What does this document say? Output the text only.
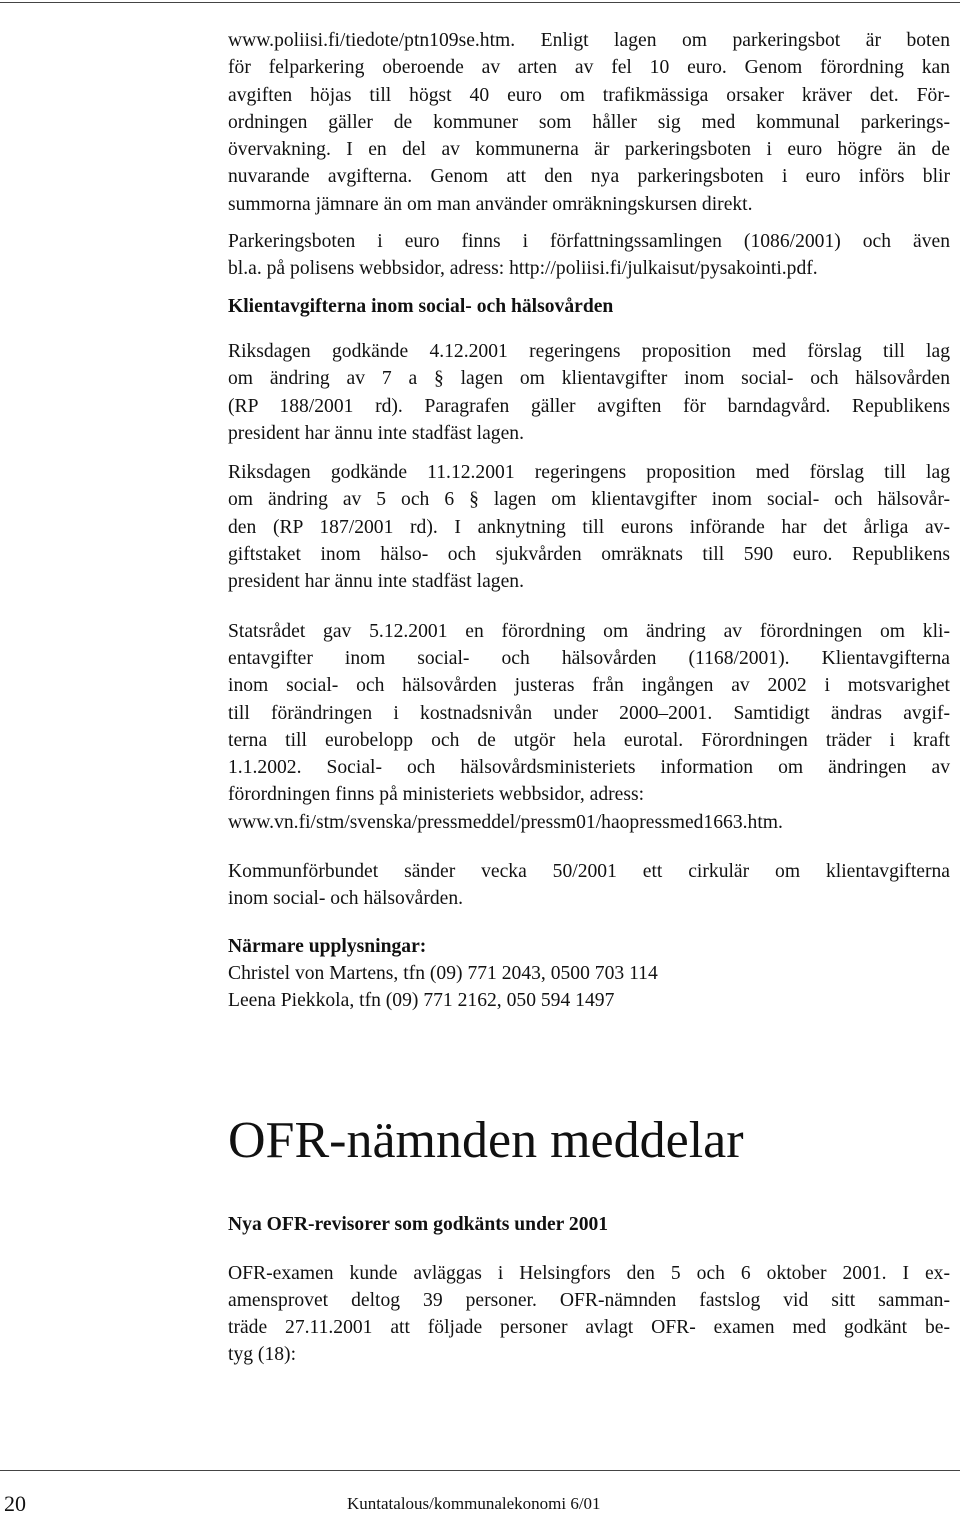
www.poliisi.fi/tiedote/ptn109se.htm. Enligt lagen om parkeringsbot är boten
för felparkering oberoende av arten av fel 10 euro. Genom förordning kan
avgiften höjas till högst 40 euro om trafikmässiga orsaker kräver det. För-
ordningen gäller de kommuner som håller sig med kommunal parkerings-
övervakning. I en del av kommunerna är parkeringsboten i euro högre än de
nuvarande avgifterna. Genom att den nya parkeringsboten i euro införs blir
summorna jämnare än om man använder omräkningskursen direkt.

Parkeringsboten i euro finns i författningssamlingen (1086/2001) och även
bl.a. på polisens webbsidor, adress: http://poliisi.fi/julkaisut/pysakointi.pdf.

Klientavgifterna inom social- och hälsovården

Riksdagen godkände 4.12.2001 regeringens proposition med förslag till lag
om ändring av 7 a § lagen om klientavgifter inom social- och hälsovården
(RP 188/2001 rd). Paragrafen gäller avgiften för barndagvård. Republikens
president har ännu inte stadfäst lagen.

Riksdagen godkände 11.12.2001 regeringens proposition med förslag till lag
om ändring av 5 och 6 § lagen om klientavgifter inom social- och hälsovår-
den (RP 187/2001 rd). I anknytning till eurons införande har det årliga av-
giftstaket inom hälso- och sjukvården omräknats till 590 euro. Republikens
president har ännu inte stadfäst lagen.

Statsrådet gav 5.12.2001 en förordning om ändring av förordningen om kli-
entavgifter inom social- och hälsovården (1168/2001). Klientavgifterna
inom social- och hälsovården justeras från ingången av 2002 i motsvarighet
till förändringen i kostnadsnivån under 2000–2001. Samtidigt ändras avgif-
terna till eurobelopp och de utgör hela eurotal. Förordningen träder i kraft
1.1.2002. Social- och hälsovårdsministeriets information om ändringen av
förordningen finns på ministeriets webbsidor, adress:
www.vn.fi/stm/svenska/pressmeddel/pressm01/haopressmed1663.htm.

Kommunförbundet sänder vecka 50/2001 ett cirkulär om klientavgifterna
inom social- och hälsovården.

Närmare upplysningar:
Christel von Martens, tfn (09) 771 2043, 0500 703 114
Leena Piekkola, tfn (09) 771 2162, 050 594 1497

OFR-nämnden meddelar

Nya OFR-revisorer som godkänts under 2001

OFR-examen kunde avläggas i Helsingfors den 5 och 6 oktober 2001. I ex-
amensprovet deltog 39 personer. OFR-nämnden fastslog vid sitt samman-
träde 27.11.2001 att följade personer avlagt OFR- examen med godkänt be-
tyg (18):

20	Kuntatalous/kommunalekonomi 6/01
